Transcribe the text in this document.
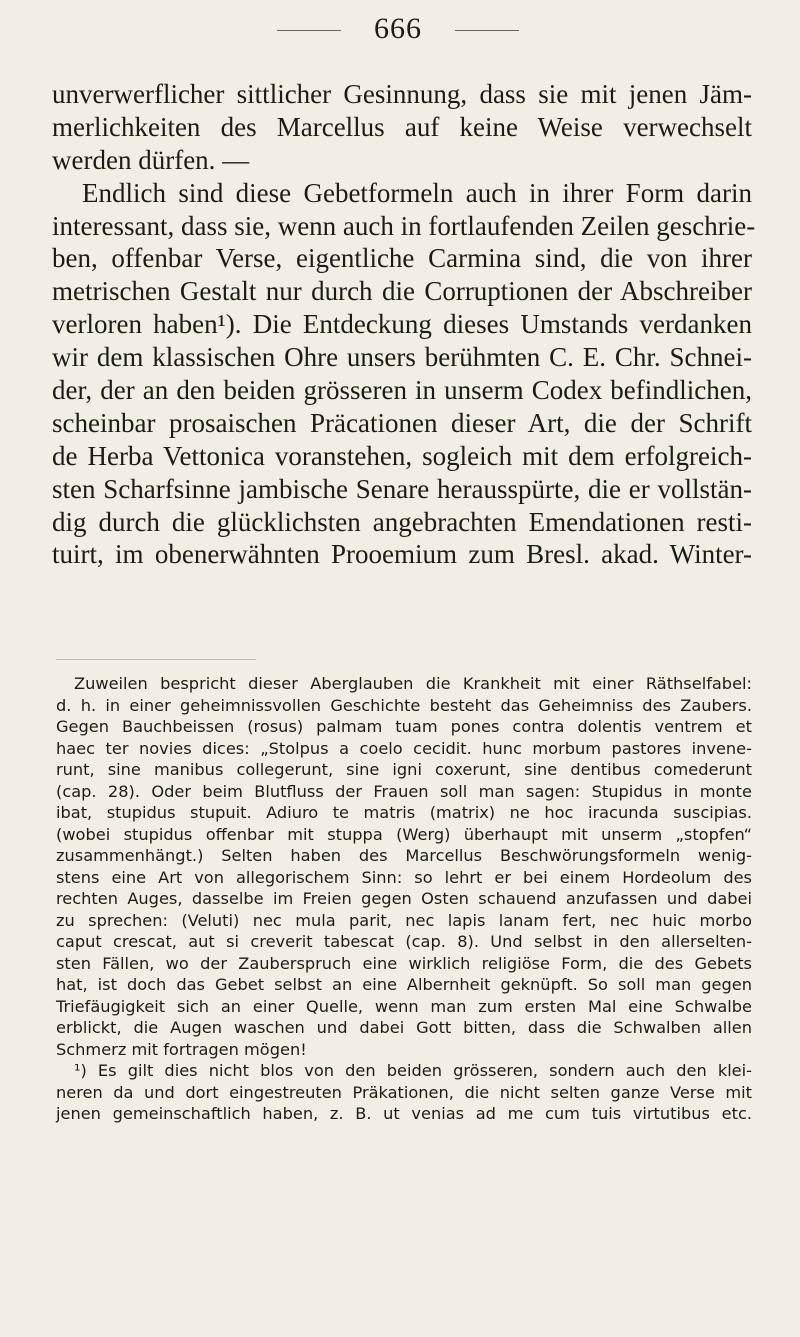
666
unverwerflicher sittlicher Gesinnung, dass sie mit jenen Jäm-
merlichkeiten des Marcellus auf keine Weise verwechselt
werden dürfen. —
Endlich sind diese Gebetformeln auch in ihrer Form darin
interessant, dass sie, wenn auch in fortlaufenden Zeilen geschrie-
ben, offenbar Verse, eigentliche Carmina sind, die von ihrer
metrischen Gestalt nur durch die Corruptionen der Abschreiber
verloren haben¹). Die Entdeckung dieses Umstands verdanken
wir dem klassischen Ohre unsers berühmten C. E. Chr. Schnei-
der, der an den beiden grösseren in unserm Codex befindlichen,
scheinbar prosaischen Präcationen dieser Art, die der Schrift
de Herba Vettonica voranstehen, sogleich mit dem erfolgreich-
sten Scharfsinne jambische Senare herausspürte, die er vollstän-
dig durch die glücklichsten angebrachten Emendationen resti-
tuirt, im obenerwähnten Prooemium zum Bresl. akad. Winter-
Zuweilen bespricht dieser Aberglauben die Krankheit mit einer Räthselfabel:
d. h. in einer geheimnissvollen Geschichte besteht das Geheimniss des Zaubers.
Gegen Bauchbeissen (rosus) palmam tuam pones contra dolentis ventrem et
haec ter novies dices: „Stolpus a coelo cecidit. hunc morbum pastores invene-
runt, sine manibus collegerunt, sine igni coxerunt, sine dentibus comederunt
(cap. 28). Oder beim Blutfluss der Frauen soll man sagen: Stupidus in monte
ibat, stupidus stupuit. Adiuro te matris (matrix) ne hoc iracunda suscipias.
(wobei stupidus offenbar mit stuppa (Werg) überhaupt mit unserm „stopfen“
zusammenhängt.) Selten haben des Marcellus Beschwörungsformeln wenig-
stens eine Art von allegorischem Sinn: so lehrt er bei einem Hordeolum des
rechten Auges, dasselbe im Freien gegen Osten schauend anzufassen und dabei
zu sprechen: (Veluti) nec mula parit, nec lapis lanam fert, nec huic morbo
caput crescat, aut si creverit tabescat (cap. 8). Und selbst in den allerselten-
sten Fällen, wo der Zauberspruch eine wirklich religiöse Form, die des Gebets
hat, ist doch das Gebet selbst an eine Albernheit geknüpft. So soll man gegen
Triefäugigkeit sich an einer Quelle, wenn man zum ersten Mal eine Schwalbe
erblickt, die Augen waschen und dabei Gott bitten, dass die Schwalben allen
Schmerz mit fortragen mögen!
¹) Es gilt dies nicht blos von den beiden grösseren, sondern auch den klei-
neren da und dort eingestreuten Präkationen, die nicht selten ganze Verse mit
jenen gemeinschaftlich haben, z. B. ut venias ad me cum tuis virtutibus etc.
